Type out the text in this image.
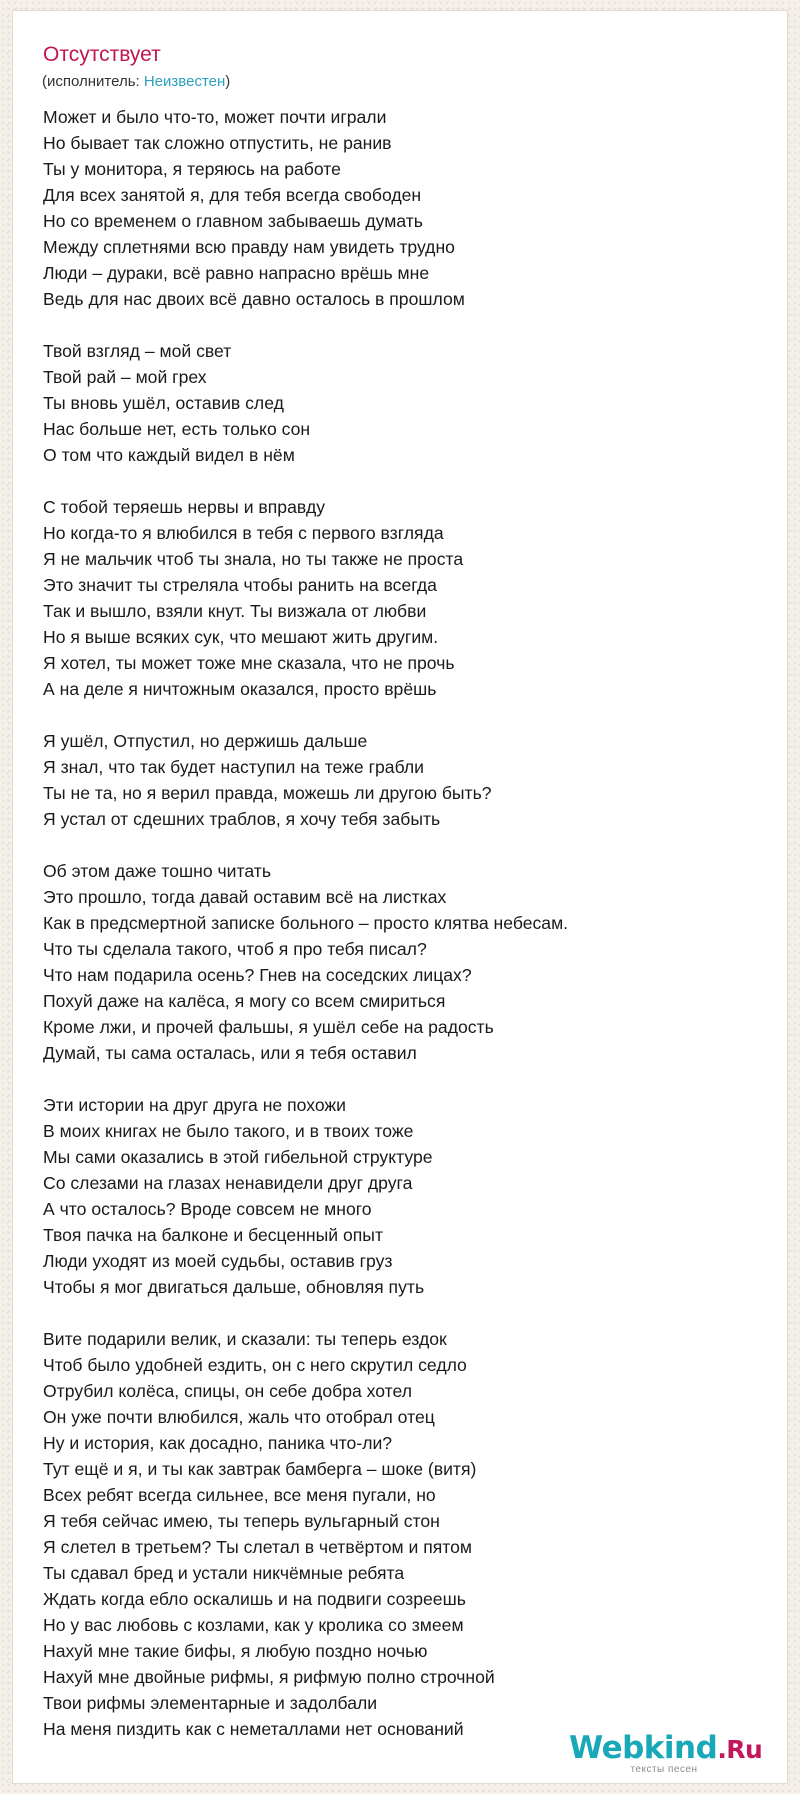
Отсутствует
(исполнитель: Неизвестен)
Может и было что-то, может почти играли
Но бывает так сложно отпустить, не ранив
Ты у монитора, я теряюсь на работе
Для всех занятой я, для тебя всегда свободен
Но со временем о главном забываешь думать
Между сплетнями всю правду нам увидеть трудно
Люди – дураки, всё равно напрасно врёшь мне
Ведь для нас двоих всё давно осталось в прошлом
Твой взгляд – мой свет
Твой рай – мой грех
Ты вновь ушёл, оставив след
Нас больше нет, есть только сон
О том что каждый видел в нём
С тобой теряешь нервы и вправду
Но когда-то я влюбился в тебя с первого взгляда
Я не мальчик чтоб ты знала, но ты также не проста
Это значит ты стреляла чтобы ранить на всегда
Так и вышло, взяли кнут. Ты визжала от любви
Но я выше всяких сук, что мешают жить другим.
Я хотел, ты может тоже мне сказала, что не прочь
А на деле я ничтожным оказался, просто врёшь
Я ушёл, Отпустил, но держишь дальше
Я знал, что так будет наступил на теже грабли
Ты не та, но я верил правда, можешь ли другою быть?
Я устал от сдешних траблов, я хочу тебя забыть
Об этом даже тошно читать
Это прошло, тогда давай оставим всё на листках
Как в предсмертной записке больного – просто клятва небесам.
Что ты сделала такого, чтоб я про тебя писал?
Что нам подарила осень? Гнев на соседских лицах?
Похуй даже на калёса, я могу со всем смириться
Кроме лжи, и прочей фальшы, я ушёл себе на радость
Думай, ты сама осталась, или я тебя оставил
Эти истории на друг друга не похожи
В моих книгах не было такого, и в твоих тоже
Мы сами оказались в этой гибельной структуре
Со слезами на глазах ненавидели друг друга
А что осталось? Вроде совсем не много
Твоя пачка на балконе и бесценный опыт
Люди уходят из моей судьбы, оставив груз
Чтобы я мог двигаться дальше, обновляя путь
Вите подарили велик, и сказали: ты теперь ездок
Чтоб было удобней ездить, он с него скрутил седло
Отрубил колёса, спицы, он себе добра хотел
Он уже почти влюбился, жаль что отобрал отец
Ну и история, как досадно, паника что-ли?
Тут ещё и я, и ты как завтрак бамберга – шоке (витя)
Всех ребят всегда сильнее, все меня пугали, но
Я тебя сейчас имею, ты теперь вульгарный стон
Я слетел в третьем? Ты слетал в четвёртом и пятом
Ты сдавал бред и устали никчёмные ребята
Ждать когда ебло оскалишь и на подвиги созреешь
Но у вас любовь с козлами, как у кролика со змеем
Нахуй мне такие бифы, я любую поздно ночью
Нахуй мне двойные рифмы, я рифмую полно строчной
Твои рифмы элементарные и задолбали
На меня пиздить как с неметаллами нет оснований
Webkind.Ru
тексты песен
